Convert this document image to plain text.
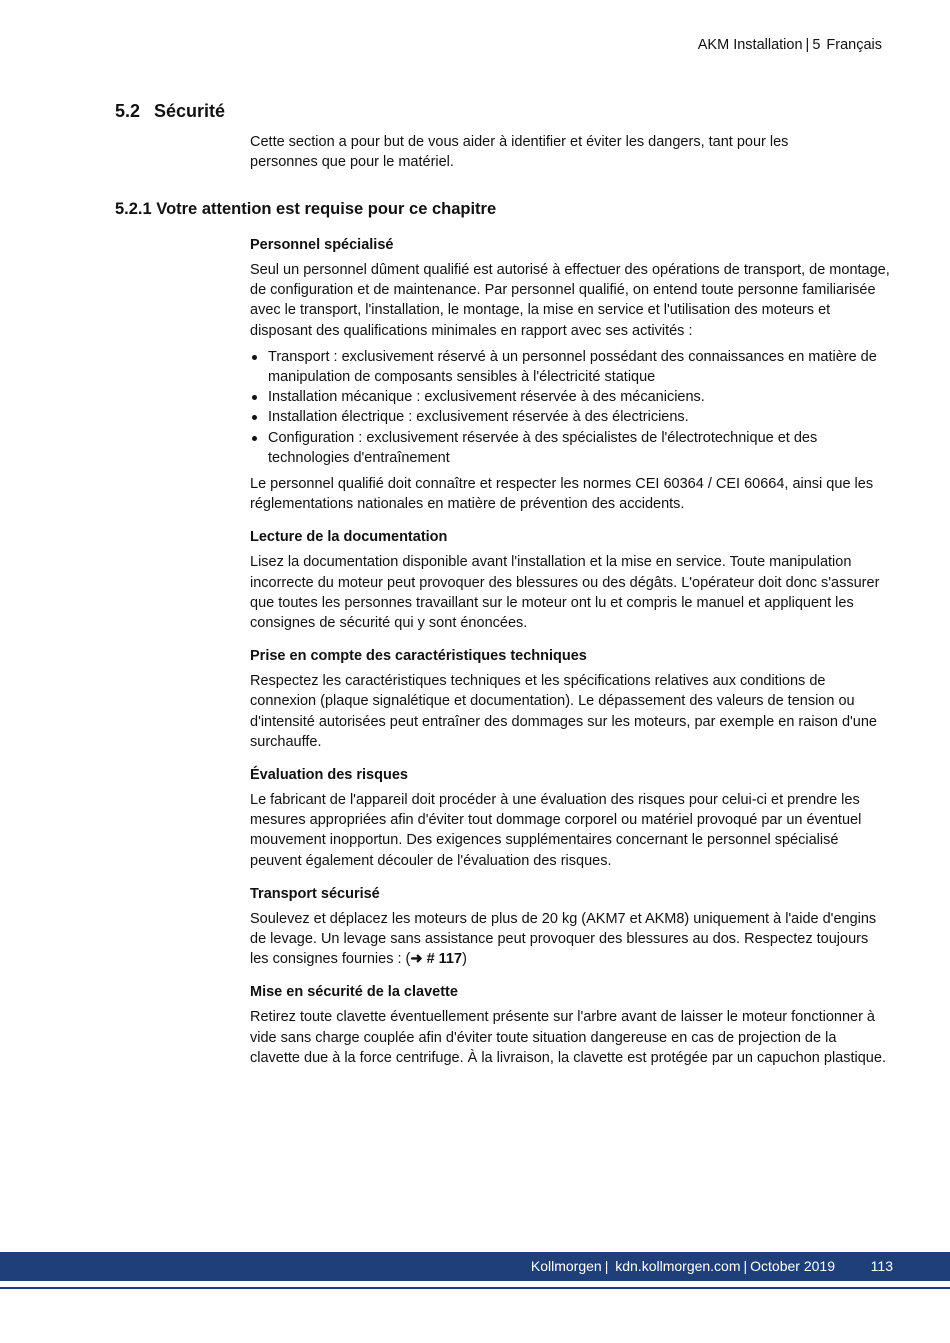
AKM Installation | 5 Français
5.2 Sécurité

Cette section a pour but de vous aider à identifier et éviter les dangers, tant pour les personnes que pour le matériel.

5.2.1 Votre attention est requise pour ce chapitre
Personnel spécialisé

Seul un personnel dûment qualifié est autorisé à effectuer des opérations de transport, de montage, de configuration et de maintenance. Par personnel qualifié, on entend toute personne familiarisée avec le transport, l'installation, le montage, la mise en service et l'utilisation des moteurs et disposant des qualifications minimales en rapport avec ses activités :

Transport : exclusivement réservé à un personnel possédant des connaissances en matière de manipulation de composants sensibles à l'électricité statique
Installation mécanique : exclusivement réservée à des mécaniciens.
Installation électrique : exclusivement réservée à des électriciens.
Configuration : exclusivement réservée à des spécialistes de l'électrotechnique et des technologies d'entraînement

Le personnel qualifié doit connaître et respecter les normes CEI 60364 / CEI 60664, ainsi que les réglementations nationales en matière de prévention des accidents.

Lecture de la documentation

Lisez la documentation disponible avant l'installation et la mise en service. Toute manipulation incorrecte du moteur peut provoquer des blessures ou des dégâts. L'opérateur doit donc s'assurer que toutes les personnes travaillant sur le moteur ont lu et compris le manuel et appliquent les consignes de sécurité qui y sont énoncées.

Prise en compte des caractéristiques techniques

Respectez les caractéristiques techniques et les spécifications relatives aux conditions de connexion (plaque signalétique et documentation). Le dépassement des valeurs de tension ou d'intensité autorisées peut entraîner des dommages sur les moteurs, par exemple en raison d'une surchauffe.

Évaluation des risques

Le fabricant de l'appareil doit procéder à une évaluation des risques pour celui-ci et prendre les mesures appropriées afin d'éviter tout dommage corporel ou matériel provoqué par un éventuel mouvement inopportun. Des exigences supplémentaires concernant le personnel spécialisé peuvent également découler de l'évaluation des risques.

Transport sécurisé

Soulevez et déplacez les moteurs de plus de 20 kg (AKM7 et AKM8) uniquement à l'aide d'engins de levage. Un levage sans assistance peut provoquer des blessures au dos. Respectez toujours les consignes fournies : (➜ # 117)

Mise en sécurité de la clavette

Retirez toute clavette éventuellement présente sur l'arbre avant de laisser le moteur fonctionner à vide sans charge couplée afin d'éviter toute situation dangereuse en cas de projection de la clavette due à la force centrifuge. À la livraison, la clavette est protégée par un capuchon plastique.

Kollmorgen | kdn.kollmorgen.com | October 2019	113
